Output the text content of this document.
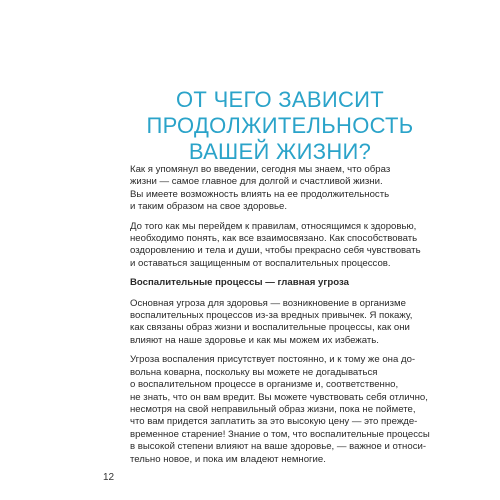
ОТ ЧЕГО ЗАВИСИТ
ПРОДОЛЖИТЕЛЬНОСТЬ
ВАШЕЙ ЖИЗНИ?

Как я упомянул во введении, сегодня мы знаем, что образ
жизни — самое главное для долгой и счастливой жизни.
Вы имеете возможность влиять на ее продолжительность
и таким образом на свое здоровье.

До того как мы перейдем к правилам, относящимся к здоровью,
необходимо понять, как все взаимосвязано. Как способствовать
оздоровлению и тела и души, чтобы прекрасно себя чувствовать
и оставаться защищенным от воспалительных процессов.

Воспалительные процессы — главная угроза

Основная угроза для здоровья — возникновение в организме
воспалительных процессов из-за вредных привычек. Я покажу,
как связаны образ жизни и воспалительные процессы, как они
влияют на наше здоровье и как мы можем их избежать.

Угроза воспаления присутствует постоянно, и к тому же она до-
вольна коварна, поскольку вы можете не догадываться
о воспалительном процессе в организме и, соответственно,
не знать, что он вам вредит. Вы можете чувствовать себя отлично,
несмотря на свой неправильный образ жизни, пока не поймете,
что вам придется заплатить за это высокую цену — это прежде-
временное старение! Знание о том, что воспалительные процессы
в высокой степени влияют на ваше здоровье, — важное и относи-
тельно новое, и пока им владеют немногие.

12
